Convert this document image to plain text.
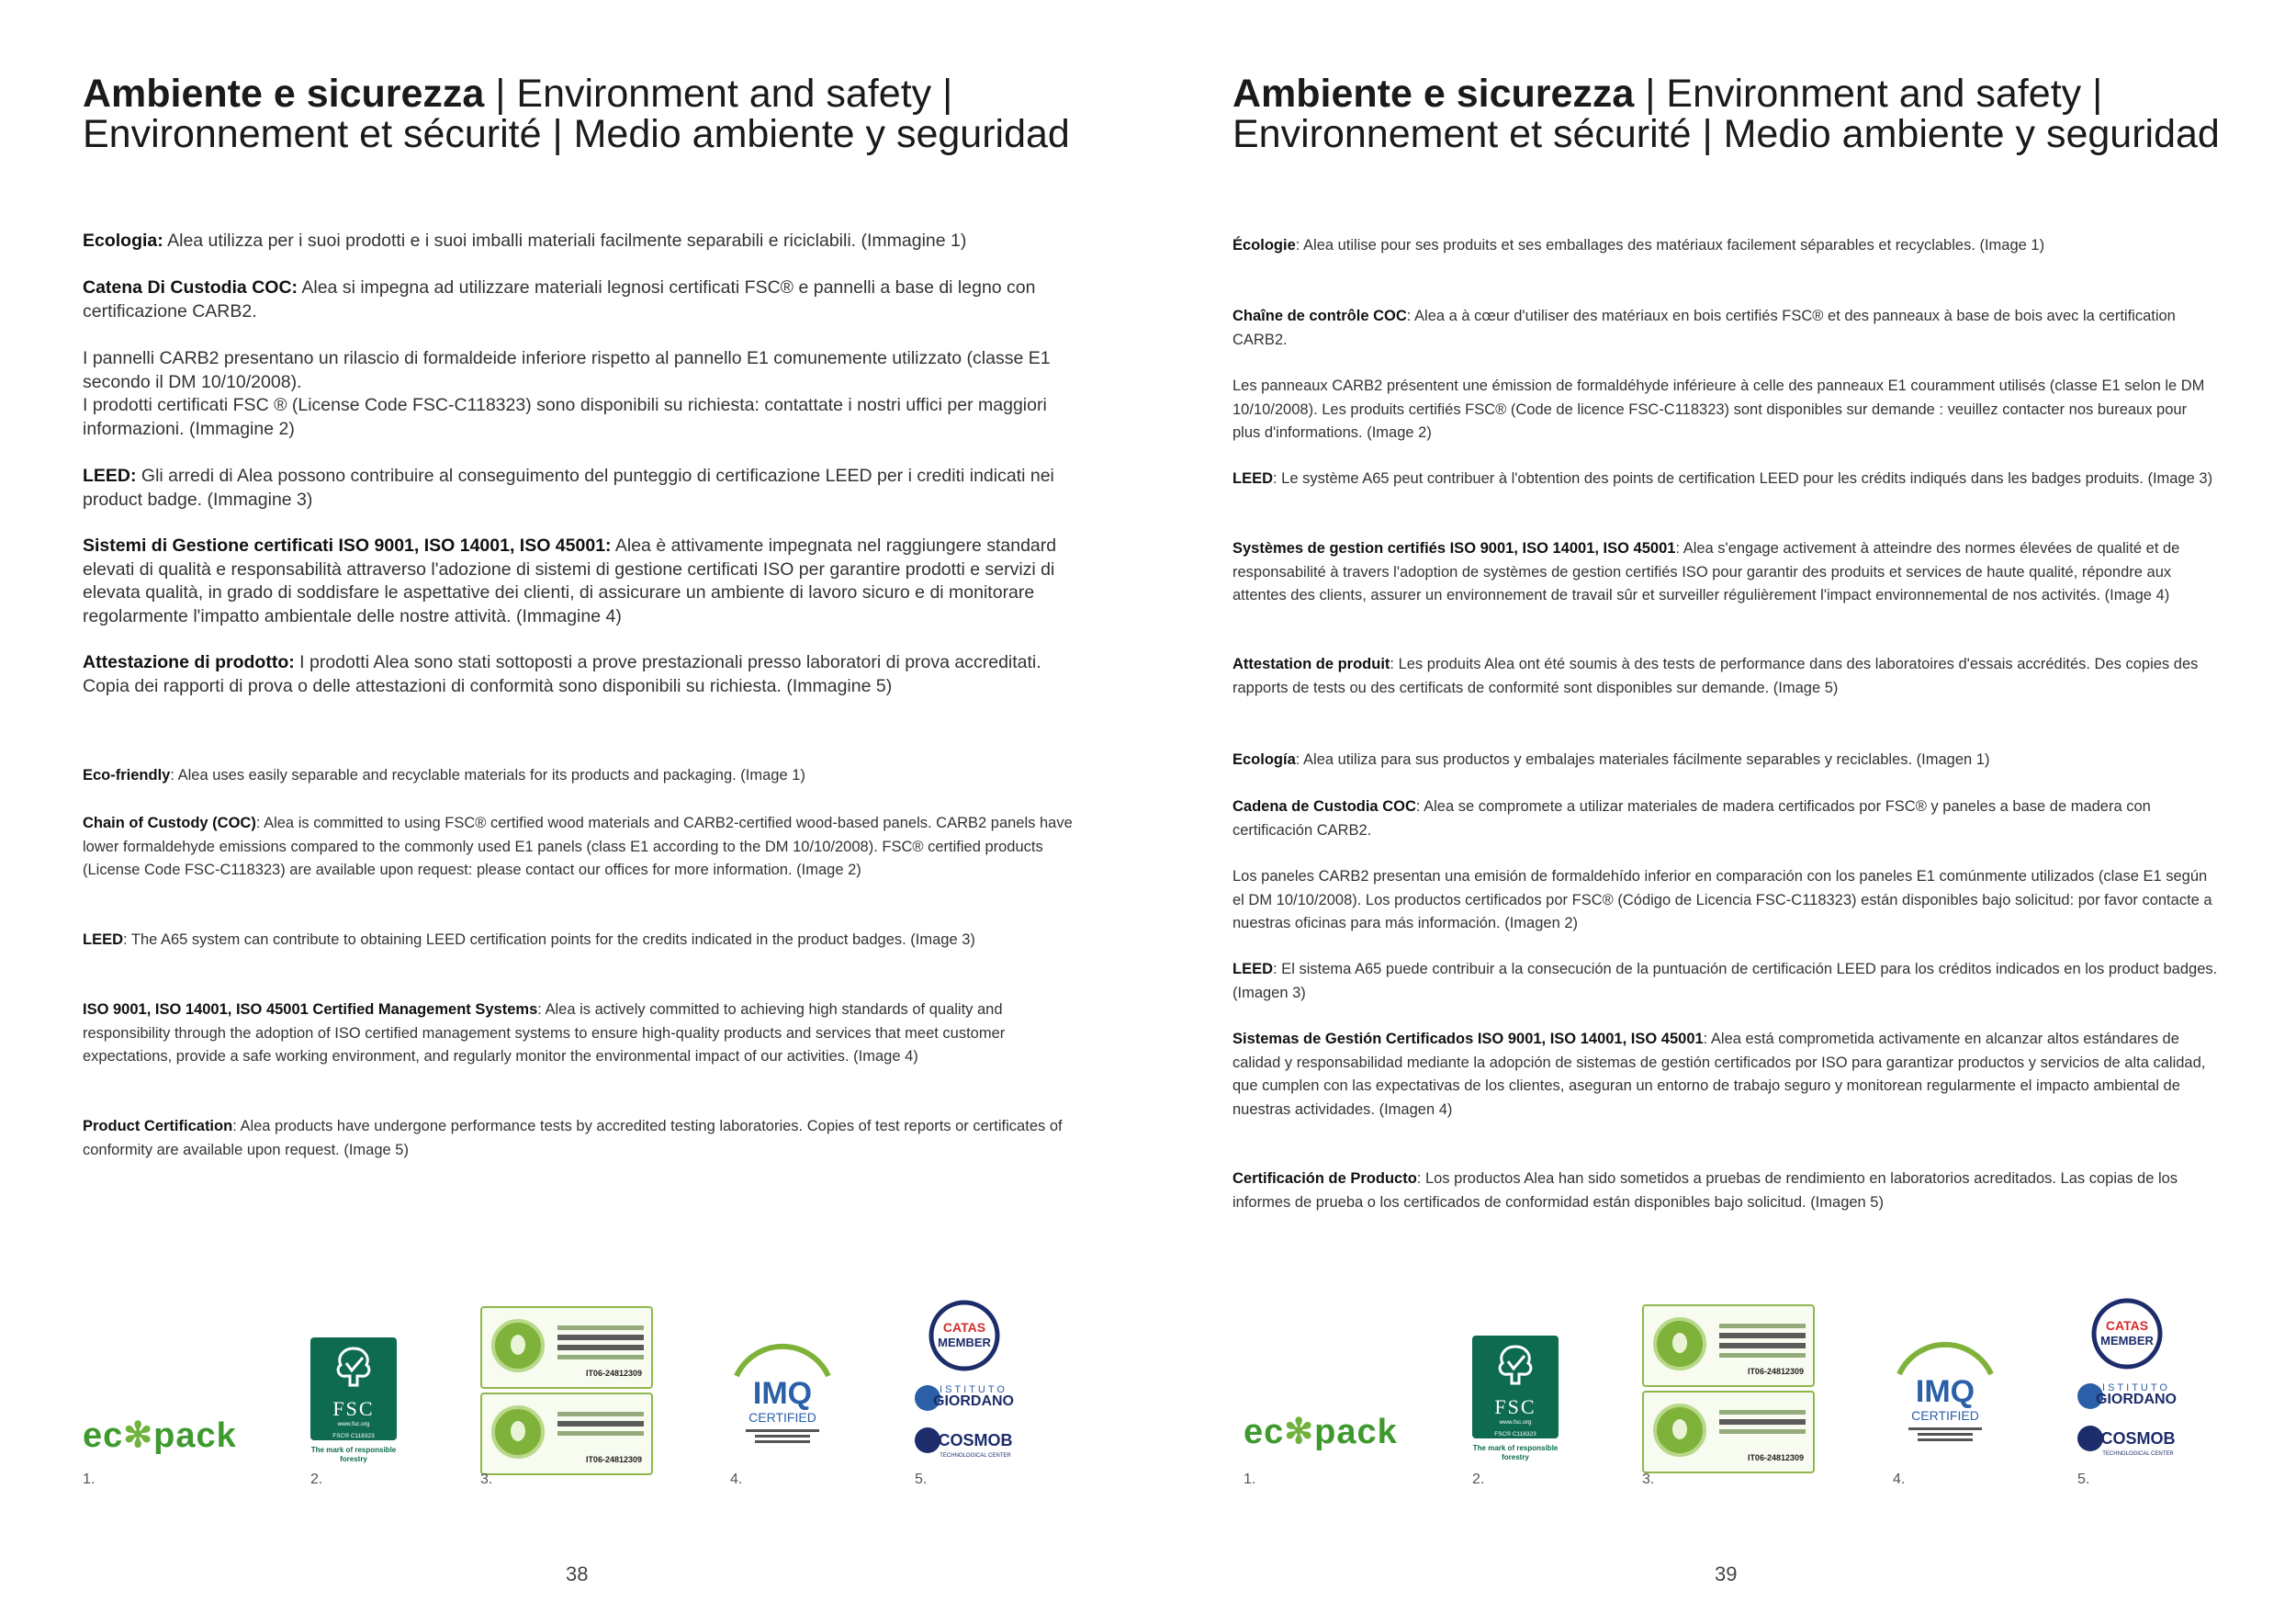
Ambiente e sicurezza | Environment and safety |
Environnement et sécurité | Medio ambiente y seguridad

Ecologia: Alea utilizza per i suoi prodotti e i suoi imballi materiali facilmente separabili e riciclabili. (Immagine 1)

Catena Di Custodia COC: Alea si impegna ad utilizzare materiali legnosi certificati FSC® e pannelli a base di legno con certificazione CARB2.

I pannelli CARB2 presentano un rilascio di formaldeide inferiore rispetto al pannello E1 comunemente utilizzato (classe E1 secondo il DM 10/10/2008).
I prodotti certificati FSC ® (License Code FSC-C118323) sono disponibili su richiesta: contattate i nostri uffici per maggiori informazioni. (Immagine 2)

LEED: Gli arredi di Alea possono contribuire al conseguimento del punteggio di certificazione LEED per i crediti indicati nei product badge. (Immagine 3)

Sistemi di Gestione certificati ISO 9001, ISO 14001, ISO 45001: Alea è attivamente impegnata nel raggiungere standard elevati di qualità e responsabilità attraverso l'adozione di sistemi di gestione certificati ISO per garantire prodotti e servizi di elevata qualità, in grado di soddisfare le aspettative dei clienti, di assicurare un ambiente di lavoro sicuro e di monitorare regolarmente l'impatto ambientale delle nostre attività. (Immagine 4)

Attestazione di prodotto: I prodotti Alea sono stati sottoposti a prove prestazionali presso laboratori di prova accreditati.
Copia dei rapporti di prova o delle attestazioni di conformità sono disponibili su richiesta. (Immagine 5)

Eco-friendly: Alea uses easily separable and recyclable materials for its products and packaging. (Image 1)

Chain of Custody (COC): Alea is committed to using FSC® certified wood materials and CARB2-certified wood-based panels. CARB2 panels have lower formaldehyde emissions compared to the commonly used E1 panels (class E1 according to the DM 10/10/2008). FSC® certified products (License Code FSC-C118323) are available upon request: please contact our offices for more information. (Image 2)

LEED: The A65 system can contribute to obtaining LEED certification points for the credits indicated in the product badges. (Image 3)

ISO 9001, ISO 14001, ISO 45001 Certified Management Systems: Alea is actively committed to achieving high standards of quality and responsibility through the adoption of ISO certified management systems to ensure high-quality products and services that meet customer expectations, provide a safe working environment, and regularly monitor the environmental impact of our activities. (Image 4)

Product Certification: Alea products have undergone performance tests by accredited testing laboratories. Copies of test reports or certificates of conformity are available upon request. (Image 5)

ec✻pack
FSC
www.fsc.org
FSC® C118323
The mark of responsible forestry
IT06-24812309
IT06-24812309
IMQ
CERTIFIED
CATAS
MEMBER
ISTITUTO
GIORDANO
COSMOB
TECHNOLOGICAL CENTER
1.	2.	3.	4.	5.
38
Ambiente e sicurezza | Environment and safety |
Environnement et sécurité | Medio ambiente y seguridad

Écologie: Alea utilise pour ses produits et ses emballages des matériaux facilement séparables et recyclables. (Image 1)

Chaîne de contrôle COC: Alea a à cœur d'utiliser des matériaux en bois certifiés FSC® et des panneaux à base de bois avec la certification CARB2.

Les panneaux CARB2 présentent une émission de formaldéhyde inférieure à celle des panneaux E1 couramment utilisés (classe E1 selon le DM 10/10/2008). Les produits certifiés FSC® (Code de licence FSC-C118323) sont disponibles sur demande : veuillez contacter nos bureaux pour plus d'informations. (Image 2)

LEED: Le système A65 peut contribuer à l'obtention des points de certification LEED pour les crédits indiqués dans les badges produits. (Image 3)

Systèmes de gestion certifiés ISO 9001, ISO 14001, ISO 45001: Alea s'engage activement à atteindre des normes élevées de qualité et de responsabilité à travers l'adoption de systèmes de gestion certifiés ISO pour garantir des produits et services de haute qualité, répondre aux attentes des clients, assurer un environnement de travail sûr et surveiller régulièrement l'impact environnemental de nos activités. (Image 4)

Attestation de produit: Les produits Alea ont été soumis à des tests de performance dans des laboratoires d'essais accrédités. Des copies des rapports de tests ou des certificats de conformité sont disponibles sur demande. (Image 5)

Ecología: Alea utiliza para sus productos y embalajes materiales fácilmente separables y reciclables. (Imagen 1)

Cadena de Custodia COC: Alea se compromete a utilizar materiales de madera certificados por FSC® y paneles a base de madera con certificación CARB2.

Los paneles CARB2 presentan una emisión de formaldehído inferior en comparación con los paneles E1 comúnmente utilizados (clase E1 según el DM 10/10/2008). Los productos certificados por FSC® (Código de Licencia FSC-C118323) están disponibles bajo solicitud: por favor contacte a nuestras oficinas para más información. (Imagen 2)

LEED: El sistema A65 puede contribuir a la consecución de la puntuación de certificación LEED para los créditos indicados en los product badges. (Imagen 3)

Sistemas de Gestión Certificados ISO 9001, ISO 14001, ISO 45001: Alea está comprometida activamente en alcanzar altos estándares de calidad y responsabilidad mediante la adopción de sistemas de gestión certificados por ISO para garantizar productos y servicios de alta calidad, que cumplen con las expectativas de los clientes, aseguran un entorno de trabajo seguro y monitorean regularmente el impacto ambiental de nuestras actividades. (Imagen 4)

Certificación de Producto: Los productos Alea han sido sometidos a pruebas de rendimiento en laboratorios acreditados. Las copias de los informes de prueba o los certificados de conformidad están disponibles bajo solicitud. (Imagen 5)

ec✻pack
FSC
www.fsc.org
FSC® C118323
The mark of responsible forestry
IT06-24812309
IT06-24812309
IMQ
CERTIFIED
CATAS
MEMBER
ISTITUTO
GIORDANO
COSMOB
TECHNOLOGICAL CENTER
1.	2.	3.	4.	5.
39
